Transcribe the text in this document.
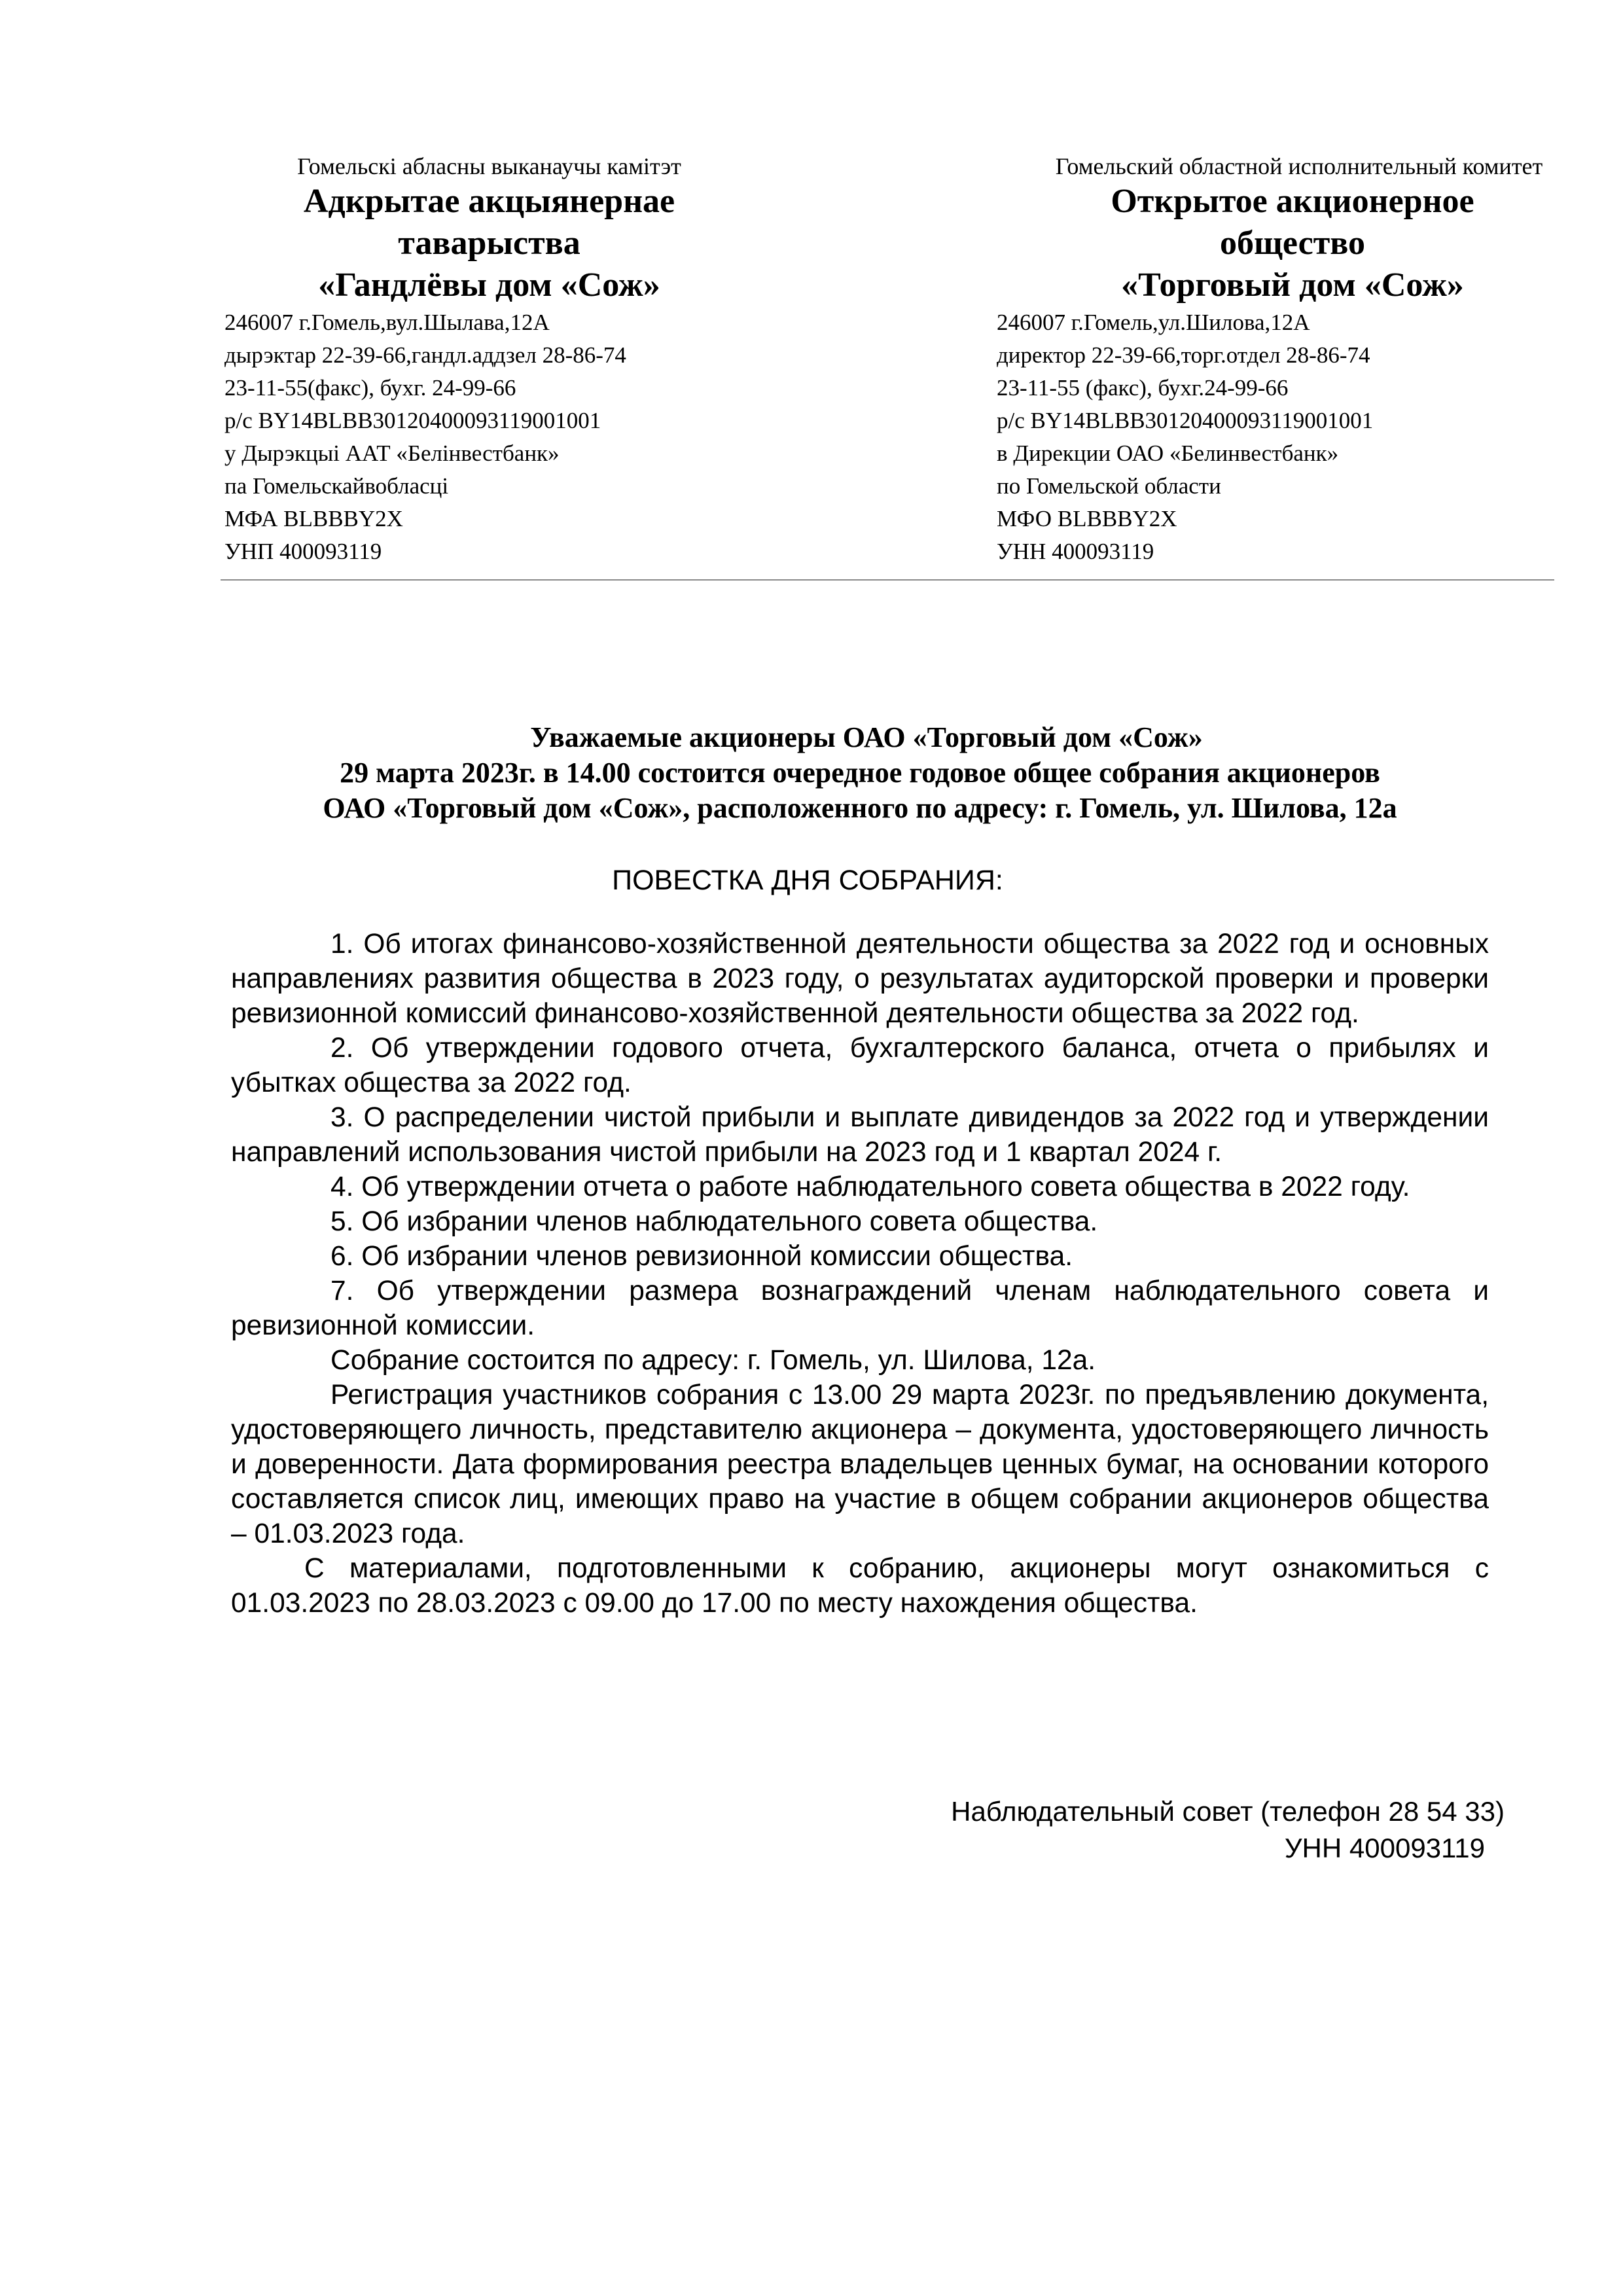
Гомельскі абласны выканаучы камітэт
Адкрытае акцыянернае
таварыства
«Гандлёвы дом «Сож»
246007 г.Гомель,вул.Шылава,12А
дырэктар 22-39-66,гандл.аддзел 28-86-74
23-11-55(факс), бухг. 24-99-66
р/с BY14BLBB30120400093119001001
у Дырэкцыі ААТ «Белінвестбанк»
па Гомельскайвобласці
МФА BLBBBY2X
УНП 400093119
Гомельский областной исполнительный комитет
Открытое акционерное
общество
«Торговый дом «Сож»
246007 г.Гомель,ул.Шилова,12А
директор 22-39-66,торг.отдел 28-86-74
23-11-55 (факс), бухг.24-99-66
р/с BY14BLBB30120400093119001001
в Дирекции ОАО «Белинвестбанк»
по Гомельской области
МФО BLBBBY2X
УНН 400093119
Уважаемые акционеры ОАО «Торговый дом «Сож»
29 марта 2023г. в 14.00 состоится очередное годовое общее собрания акционеров
ОАО «Торговый дом «Сож», расположенного по адресу: г. Гомель, ул. Шилова, 12а
ПОВЕСТКА ДНЯ СОБРАНИЯ:

1. Об итогах финансово-хозяйственной деятельности общества за 2022 год и основных направлениях развития общества в 2023 году, о результатах аудиторской проверки и проверки ревизионной комиссий финансово-хозяйственной деятельности общества за 2022 год.

2. Об утверждении годового отчета, бухгалтерского баланса, отчета о прибылях и убытках общества за 2022 год.

3. О распределении чистой прибыли и выплате дивидендов за 2022 год и утверждении направлений использования чистой прибыли на 2023 год и 1 квартал 2024 г.

4. Об утверждении отчета о работе наблюдательного совета общества в 2022 году.

5. Об избрании членов наблюдательного совета общества.

6. Об избрании членов ревизионной комиссии общества.

7. Об утверждении размера вознаграждений членам наблюдательного совета и ревизионной комиссии.

Собрание состоится по адресу: г. Гомель, ул. Шилова, 12а.

Регистрация участников собрания с 13.00 29 марта 2023г. по предъявлению документа, удостоверяющего личность, представителю акционера – документа, удостоверяющего личность и доверенности. Дата формирования реестра владельцев ценных бумаг, на основании которого составляется список лиц, имеющих право на участие в общем собрании акционеров общества – 01.03.2023 года.

С материалами, подготовленными к собранию, акционеры могут ознакомиться с 01.03.2023 по 28.03.2023 с 09.00 до 17.00 по месту нахождения общества.

Наблюдательный совет (телефон 28 54 33)
УНН 400093119
